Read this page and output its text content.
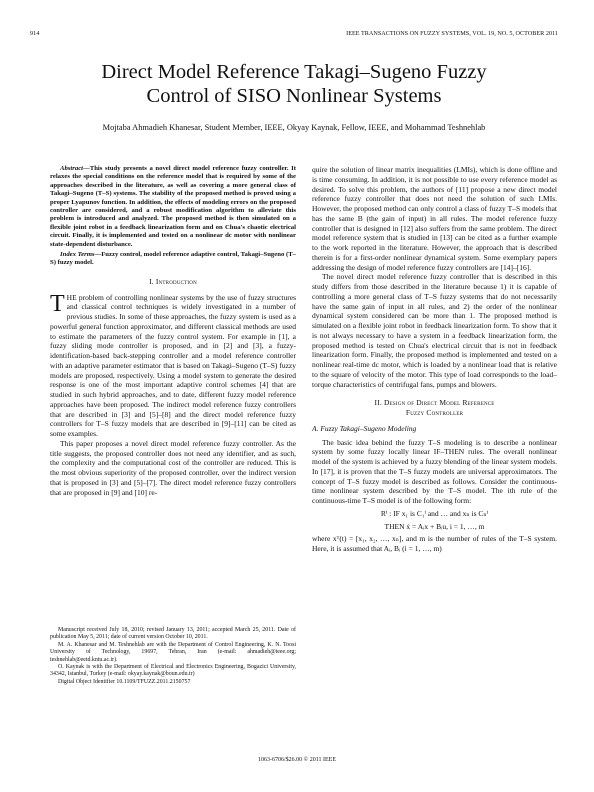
914	IEEE TRANSACTIONS ON FUZZY SYSTEMS, VOL. 19, NO. 5, OCTOBER 2011
Direct Model Reference Takagi–Sugeno Fuzzy
Control of SISO Nonlinear Systems
Mojtaba Ahmadieh Khanesar, Student Member, IEEE, Okyay Kaynak, Fellow, IEEE, and Mohammad Teshnehlab

Abstract—This study presents a novel direct model reference fuzzy controller. It relaxes the special conditions on the reference model that is required by some of the approaches described in the literature, as well as covering a more general class of Takagi–Sugeno (T–S) systems. The stability of the proposed method is proved using a proper Lyapunov function. In addition, the effects of modeling errors on the proposed controller are considered, and a robust modification algorithm to alleviate this problem is introduced and analyzed. The proposed method is then simulated on a flexible joint robot in a feedback linearization form and on Chua's chaotic electrical circuit. Finally, it is implemented and tested on a nonlinear dc motor with nonlinear state-dependent disturbance.

Index Terms—Fuzzy control, model reference adaptive control, Takagi–Sugeno (T–S) fuzzy model.

I. Introduction

THE problem of controlling nonlinear systems by the use of fuzzy structures and classical control techniques is widely investigated in a number of previous studies. In some of these approaches, the fuzzy system is used as a powerful general function approximator, and different classical methods are used to estimate the parameters of the fuzzy control system. For example in [1], a fuzzy sliding mode controller is proposed, and in [2] and [3], a fuzzy-identification-based back-stepping controller and a model reference controller with an adaptive parameter estimator that is based on Takagi–Sugeno (T–S) fuzzy models are proposed, respectively. Using a model system to generate the desired response is one of the most important adaptive control schemes [4] that are studied in such hybrid approaches, and to date, different fuzzy model reference approaches have been proposed. The indirect model reference fuzzy controllers that are described in [3] and [5]–[8] and the direct model reference fuzzy controllers for T–S fuzzy models that are described in [9]–[11] can be cited as some examples.

This paper proposes a novel direct model reference fuzzy controller. As the title suggests, the proposed controller does not need any identifier, and as such, the complexity and the computational cost of the controller are reduced. This is the most obvious superiority of the proposed controller, over the indirect version that is proposed in [3] and [5]–[7]. The direct model reference fuzzy controllers that are proposed in [9] and [10] re-

Manuscript received July 18, 2010; revised January 13, 2011; accepted March 25, 2011. Date of publication May 5, 2011; date of current version October 10, 2011.

M. A. Khanesar and M. Teshnehlab are with the Department of Control Engineering, K. N. Toosi University of Technology, 19697, Tehran, Iran (e-mail: ahmadieh@ieee.org; teshnehlab@eetd.kntu.ac.ir).

O. Kaynak is with the Department of Electrical and Electronics Engineering, Bogazici University, 34342, Istanbul, Turkey (e-mail: okyay.kaynak@boun.edu.tr)

Digital Object Identifier 10.1109/TFUZZ.2011.2150757

quire the solution of linear matrix inequalities (LMIs), which is done offline and is time consuming. In addition, it is not possible to use every reference model as desired. To solve this problem, the authors of [11] propose a new direct model reference fuzzy controller that does not need the solution of such LMIs. However, the proposed method can only control a class of fuzzy T–S models that has the same B (the gain of input) in all rules. The model reference fuzzy controller that is designed in [12] also suffers from the same problem. The direct model reference system that is studied in [13] can be cited as a further example to the work reported in the literature. However, the approach that is described therein is for a first-order nonlinear dynamical system. Some exemplary papers addressing the design of model reference fuzzy controllers are [14]–[16].

The novel direct model reference fuzzy controller that is described in this study differs from those described in the literature because 1) it is capable of controlling a more general class of T–S fuzzy systems that do not necessarily have the same gain of input in all rules, and 2) the order of the nonlinear dynamical system considered can be more than 1. The proposed method is simulated on a flexible joint robot in feedback linearization form. To show that it is not always necessary to have a system in a feedback linearization form, the proposed method is tested on Chua's electrical circuit that is not in feedback linearization form. Finally, the proposed method is implemented and tested on a nonlinear real-time dc motor, which is loaded by a nonlinear load that is relative to the square of velocity of the motor. This type of load corresponds to the load–torque characteristics of centrifugal fans, pumps and blowers.

II. Design of Direct Model Reference
Fuzzy Controller

A. Fuzzy Takagi–Sugeno Modeling

The basic idea behind the fuzzy T–S modeling is to describe a nonlinear system by some fuzzy locally linear IF–THEN rules. The overall nonlinear model of the system is achieved by a fuzzy blending of the linear system models. In [17], it is proven that the T–S fuzzy models are universal approximators. The concept of T–S fuzzy model is described as follows. Consider the continuous-time nonlinear system described by the T–S model. The ith rule of the continuous-time T–S model is of the following form:

Rⁱ : IF x₁ is C₁ⁱ and … and xₙ is Cₙⁱ

THEN ẋ = Aᵢx + Bᵢu, i = 1, …, m

where xᵀ(t) = [x₁, x₂, …, xₙ], and m is the number of rules of the T–S system. Here, it is assumed that Aᵢ, Bᵢ (i = 1, …, m)

1063-6706/$26.00 © 2011 IEEE
